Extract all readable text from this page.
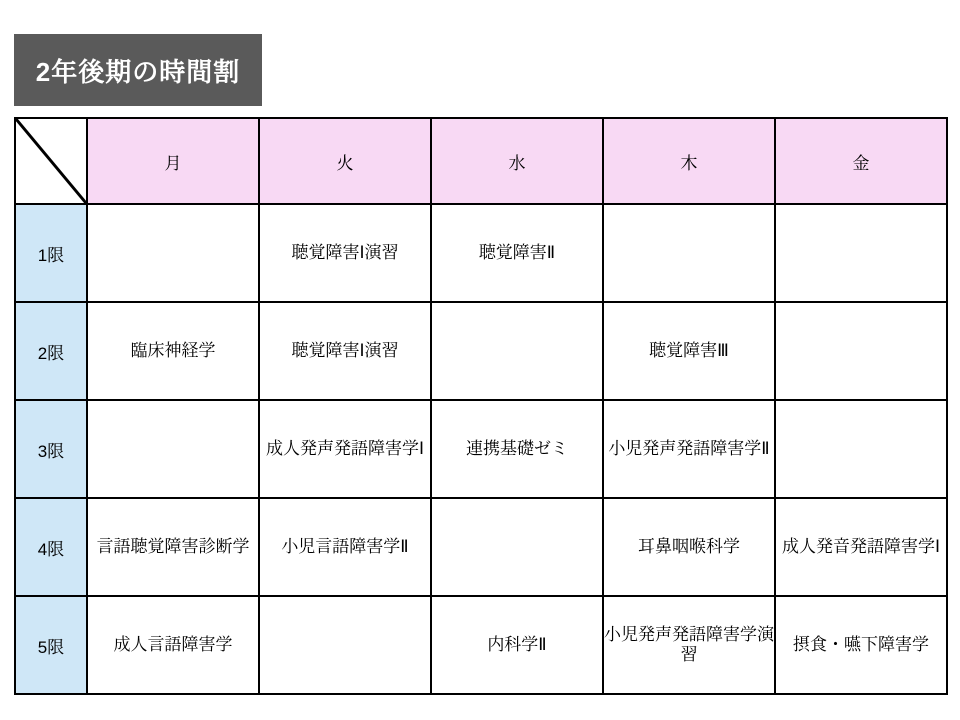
2年後期の時間割
	月	火	水	木	金
1限		聴覚障害Ⅰ演習	聴覚障害Ⅱ		
2限	臨床神経学	聴覚障害Ⅰ演習		聴覚障害Ⅲ	
3限		成人発声発語障害学Ⅰ	連携基礎ゼミ	小児発声発語障害学Ⅱ	
4限	言語聴覚障害診断学	小児言語障害学Ⅱ		耳鼻咽喉科学	成人発音発語障害学Ⅰ
5限	成人言語障害学		内科学Ⅱ	小児発声発語障害学演習	摂食・嚥下障害学
